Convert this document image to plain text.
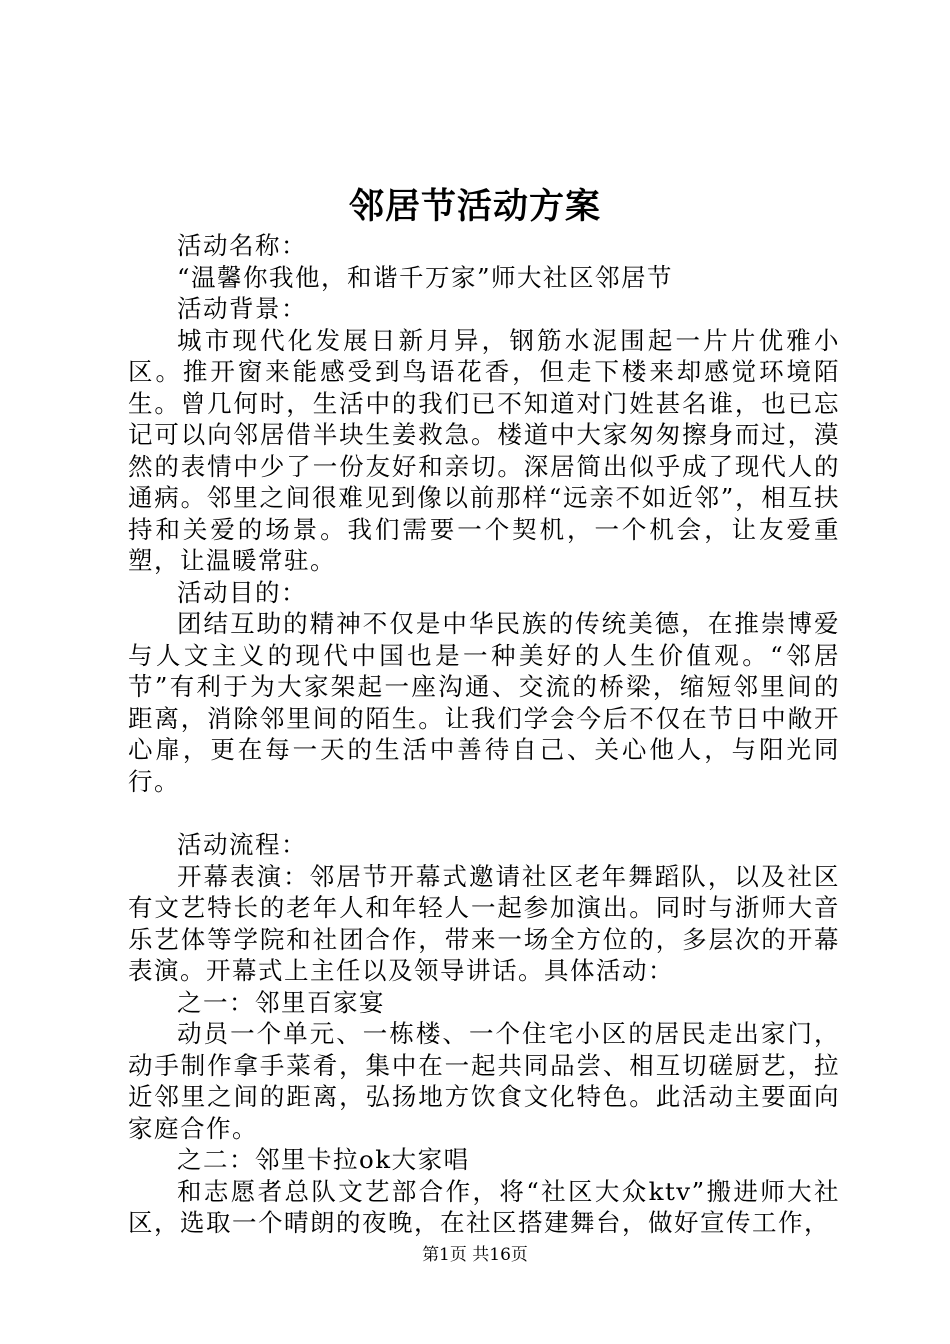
邻居节活动方案

活动名称：

“温馨你我他，和谐千万家”师大社区邻居节

活动背景：

城市现代化发展日新月异，钢筋水泥围起一片片优雅小区。推开窗来能感受到鸟语花香，但走下楼来却感觉环境陌生。曾几何时，生活中的我们已不知道对门姓甚名谁，也已忘记可以向邻居借半块生姜救急。楼道中大家匆匆擦身而过，漠然的表情中少了一份友好和亲切。深居简出似乎成了现代人的通病。邻里之间很难见到像以前那样“远亲不如近邻”，相互扶持和关爱的场景。我们需要一个契机，一个机会，让友爱重塑，让温暖常驻。

活动目的：

团结互助的精神不仅是中华民族的传统美德，在推崇博爱与人文主义的现代中国也是一种美好的人生价值观。“邻居节”有利于为大家架起一座沟通、交流的桥梁，缩短邻里间的距离，消除邻里间的陌生。让我们学会今后不仅在节日中敞开心扉，更在每一天的生活中善待自己、关心他人，与阳光同行。

活动流程：

开幕表演：邻居节开幕式邀请社区老年舞蹈队，以及社区有文艺特长的老年人和年轻人一起参加演出。同时与浙师大音乐艺体等学院和社团合作，带来一场全方位的，多层次的开幕表演。开幕式上主任以及领导讲话。具体活动：

之一：邻里百家宴

动员一个单元、一栋楼、一个住宅小区的居民走出家门，动手制作拿手菜肴，集中在一起共同品尝、相互切磋厨艺，拉近邻里之间的距离，弘扬地方饮食文化特色。此活动主要面向家庭合作。

之二：邻里卡拉ok大家唱

和志愿者总队文艺部合作，将“社区大众ktv”搬进师大社区，选取一个晴朗的夜晚，在社区搭建舞台，做好宣传工作，

第1页 共16页
